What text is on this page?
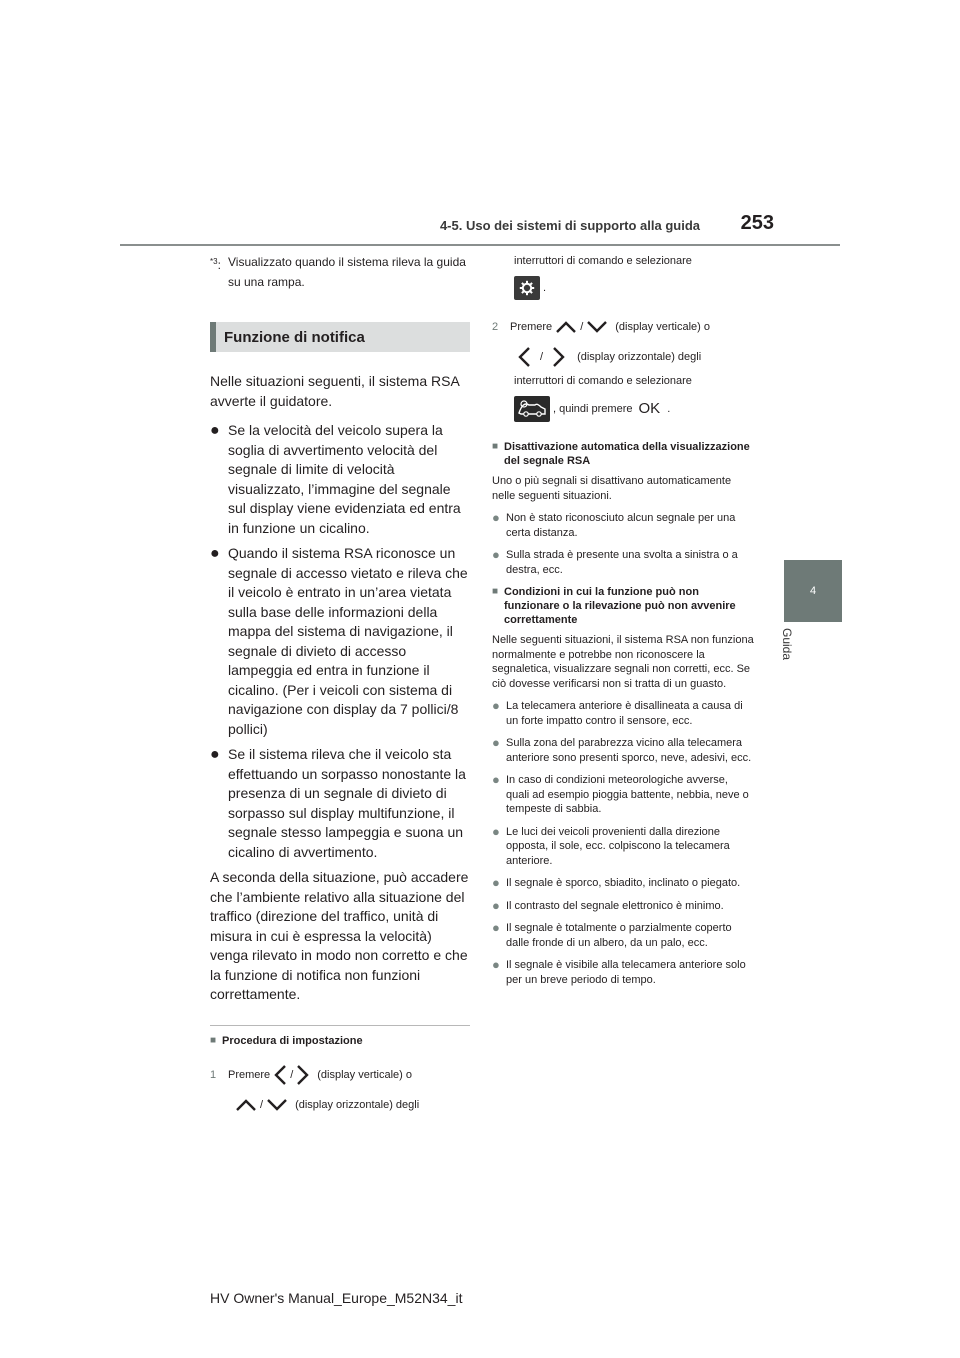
4-5. Uso dei sistemi di supporto alla guida	253
4
Guida
$^{*3}$: Visualizzato quando il sistema rileva la guida su una rampa.
Funzione di notifica
Nelle situazioni seguenti, il sistema RSA avverte il guidatore.
● Se la velocità del veicolo supera la soglia di avvertimento velocità del segnale di limite di velocità visualizzato, l’immagine del segnale sul display viene evidenziata ed entra in funzione un cicalino.
● Quando il sistema RSA riconosce un segnale di accesso vietato e rileva che il veicolo è entrato in un’area vietata sulla base delle informazioni della mappa del sistema di navigazione, il segnale di divieto di accesso lampeggia ed entra in funzione il cicalino. (Per i veicoli con sistema di navigazione con display da 7 pollici/8 pollici)
● Se il sistema rileva che il veicolo sta effettuando un sorpasso nonostante la presenza di un segnale di divieto di sorpasso sul display multifunzione, il segnale stesso lampeggia e suona un cicalino di avvertimento.
A seconda della situazione, può accadere che l’ambiente relativo alla situazione del traffico (direzione del traffico, unità di misura in cui è espressa la velocità) venga rilevato in modo non corretto e che la funzione di notifica non funzioni correttamente.
■ Procedura di impostazione
1	Premere / (display verticale) o
/	(display orizzontale) degli
interruttori di comando e selezionare
.
2	Premere	/	(display verticale) o
/	(display orizzontale) degli
interruttori di comando e selezionare
, quindi premere OK .
■ Disattivazione automatica della visualizzazione del segnale RSA
Uno o più segnali si disattivano automaticamente nelle seguenti situazioni.
● Non è stato riconosciuto alcun segnale per una certa distanza.
● Sulla strada è presente una svolta a sinistra o a destra, ecc.
■ Condizioni in cui la funzione può non funzionare o la rilevazione può non avvenire correttamente
Nelle seguenti situazioni, il sistema RSA non funziona normalmente e potrebbe non riconoscere la segnaletica, visualizzare segnali non corretti, ecc. Se ciò dovesse verificarsi non si tratta di un guasto.
● La telecamera anteriore è disallineata a causa di un forte impatto contro il sensore, ecc.
● Sulla zona del parabrezza vicino alla telecamera anteriore sono presenti sporco, neve, adesivi, ecc.
● In caso di condizioni meteorologiche avverse, quali ad esempio pioggia battente, nebbia, neve o tempeste di sabbia.
● Le luci dei veicoli provenienti dalla direzione opposta, il sole, ecc. colpiscono la telecamera anteriore.
● Il segnale è sporco, sbiadito, inclinato o piegato.
● Il contrasto del segnale elettronico è minimo.
● Il segnale è totalmente o parzialmente coperto dalle fronde di un albero, da un palo, ecc.
● Il segnale è visibile alla telecamera anteriore solo per un breve periodo di tempo.
HV Owner's Manual_Europe_M52N34_it
